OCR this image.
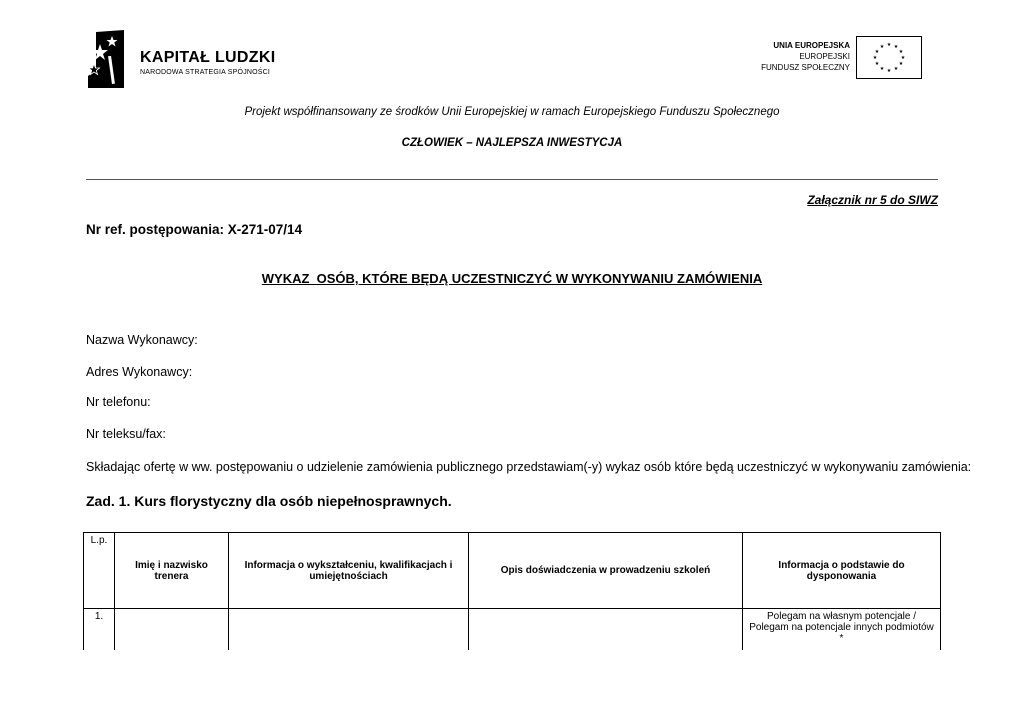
KAPITAŁ LUDZKI
NARODOWA STRATEGIA SPÓJNOŚCI
UNIA EUROPEJSKA
EUROPEJSKI
FUNDUSZ SPOŁECZNY
★ ★
★
★
★
★
★
★
★
★
★
★
Projekt współfinansowany ze środków Unii Europejskiej w ramach Europejskiego Funduszu Społecznego
CZŁOWIEK – NAJLEPSZA INWESTYCJA
Załącznik nr 5 do SIWZ
Nr ref. postępowania: X-271-07/14
WYKAZ  OSÓB, KTÓRE BĘDĄ UCZESTNICZYĆ W WYKONYWANIU ZAMÓWIENIA
Nazwa Wykonawcy:
Adres Wykonawcy:
Nr telefonu:
Nr teleksu/fax:
Składając ofertę w ww. postępowaniu o udzielenie zamówienia publicznego przedstawiam(-y) wykaz osób które będą uczestniczyć w wykonywaniu zamówienia:
Zad. 1. Kurs florystyczny dla osób niepełnosprawnych.
L.p.	Imię i nazwisko trenera	Informacja o wykształceniu, kwalifikacjach i umiejętnościach	Opis doświadczenia w prowadzeniu szkoleń	Informacja o podstawie do dysponowania
1.				Polegam na własnym potencjale / Polegam na potencjale innych podmiotów *
